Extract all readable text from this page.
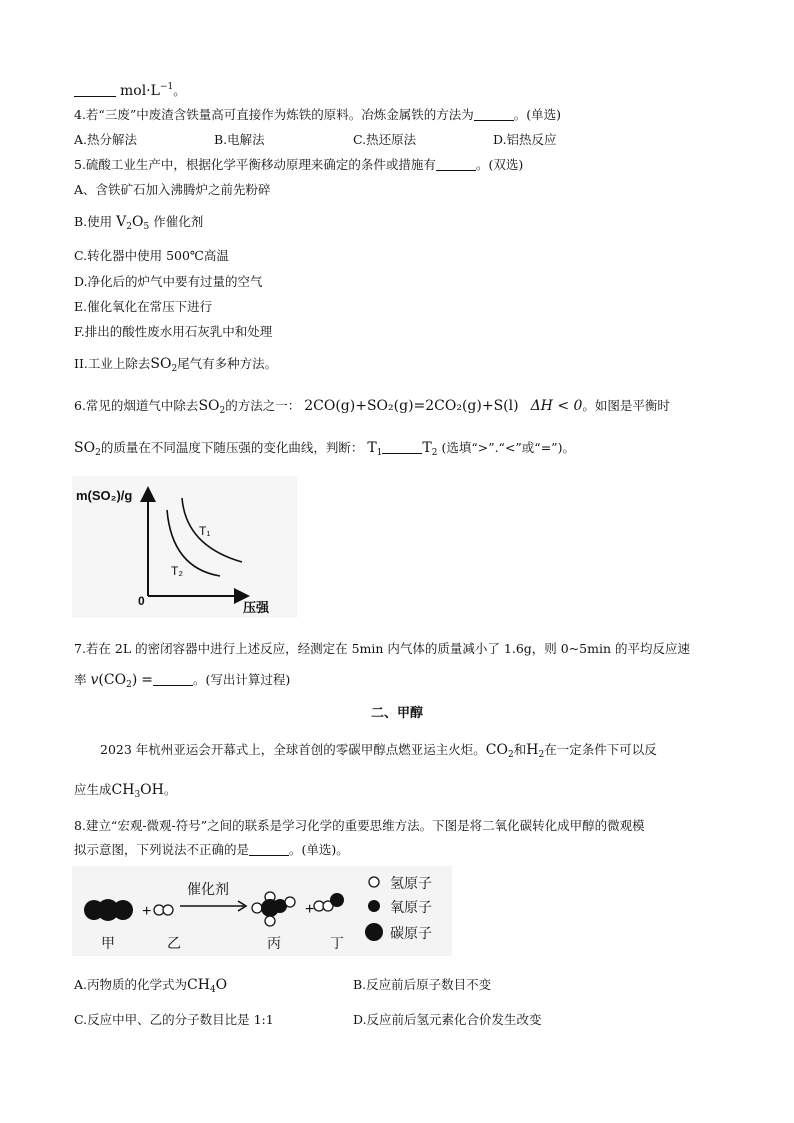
$mol\cdot L^{-1}$。
4.若“三废”中废渣含铁量高可直接作为炼铁的原料。冶炼金属铁的方法为	。(单选)
A.热分解法	B.电解法	C.热还原法	D.铝热反应
5.硫酸工业生产中，根据化学平衡移动原理来确定的条件或措施有	。(双选)
A、含铁矿石加入沸腾炉之前先粉碎
B.使用 $V_2O_5$ 作催化剂
C.转化器中使用 500℃高温
D.净化后的炉气中要有过量的空气
E.催化氧化在常压下进行
F.排出的酸性废水用石灰乳中和处理
II.工业上除去$SO_2$尾气有多种方法。
6.常见的烟道气中除去$SO_2$的方法之一： 2CO(g)+SO₂(g)=2CO₂(g)+S(l) ΔH < 0。如图是平衡时
$SO_2$的质量在不同温度下随压强的变化曲线，判断： $T_1$	$T_2$ (选填“>”.“<”或“=”)。
m(SO₂)/g
压强
0
T₁
T₂
7.若在 2L 的密闭容器中进行上述反应，经测定在 5min 内气体的质量减小了 1.6g，则 0~5min 的平均反应速
率 $v(CO_2)$ =	。(写出计算过程)
二、甲醇
2023 年杭州亚运会开幕式上，全球首创的零碳甲醇点燃亚运主火炬。$CO_2$和$H_2$在一定条件下可以反
应生成$CH_3OH$。
8.建立“宏观-微观-符号”之间的联系是学习化学的重要思维方法。下图是将二氧化碳转化成甲醇的微观模
拟示意图，下列说法不正确的是	。(单选)。
+
催化剂
+
甲	乙	丙	丁
氢原子
氧原子
碳原子
A.丙物质的化学式为$CH_4O$	B.反应前后原子数目不变
C.反应中甲、乙的分子数目比是 1:1	D.反应前后氢元素化合价发生改变
